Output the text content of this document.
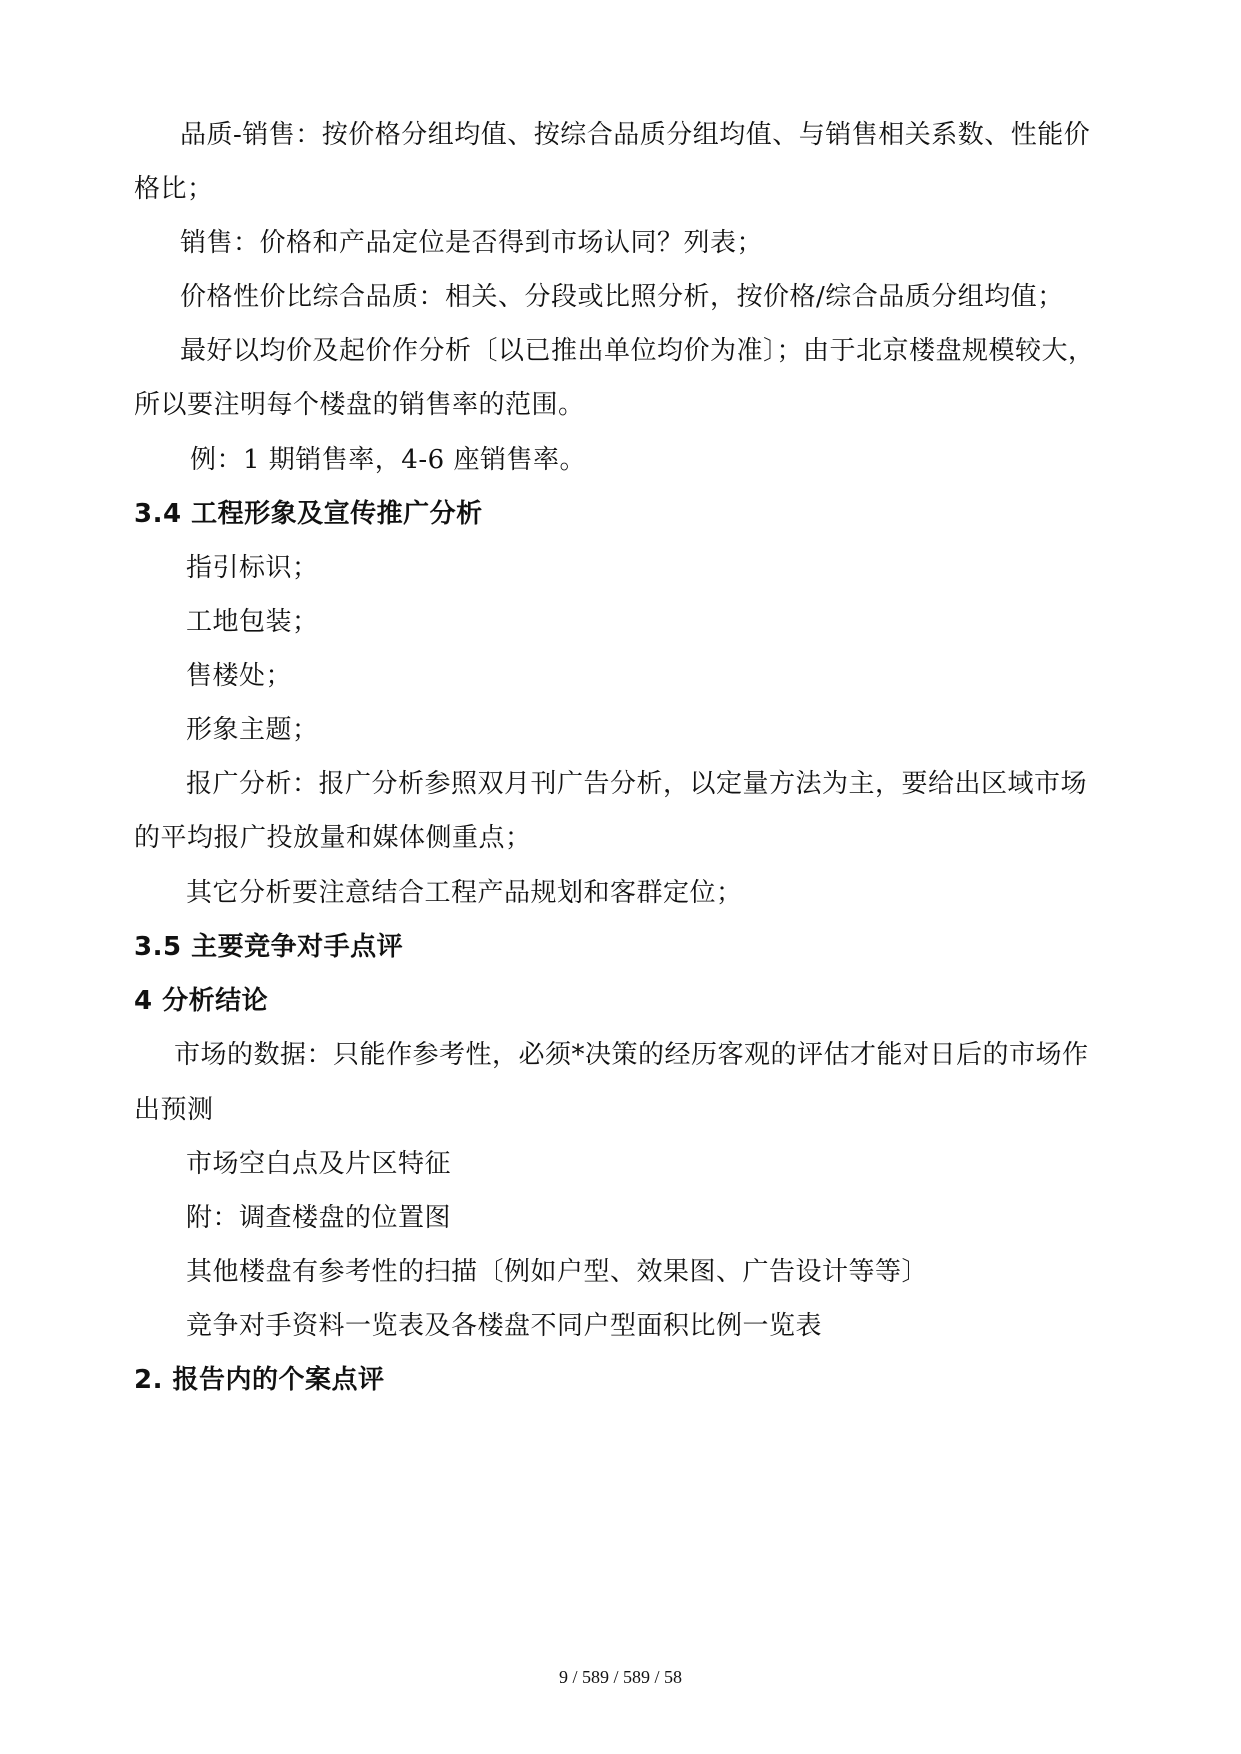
品质-销售：按价格分组均值、按综合品质分组均值、与销售相关系数、性能价
格比；
销售：价格和产品定位是否得到市场认同？列表；
价格性价比综合品质：相关、分段或比照分析，按价格/综合品质分组均值；
最好以均价及起价作分析〔以已推出单位均价为准〕；由于北京楼盘规模较大，
所以要注明每个楼盘的销售率的范围。
例：1 期销售率，4-6 座销售率。
3.4 工程形象及宣传推广分析
指引标识；
工地包装；
售楼处；
形象主题；
报广分析：报广分析参照双月刊广告分析，以定量方法为主，要给出区域市场
的平均报广投放量和媒体侧重点；
其它分析要注意结合工程产品规划和客群定位；
3.5 主要竞争对手点评
4 分析结论
市场的数据：只能作参考性，必须*决策的经历客观的评估才能对日后的市场作
出预测
市场空白点及片区特征
附：调查楼盘的位置图
其他楼盘有参考性的扫描〔例如户型、效果图、广告设计等等〕
竞争对手资料一览表及各楼盘不同户型面积比例一览表
2. 报告内的个案点评
9 / 589 / 589 / 58
